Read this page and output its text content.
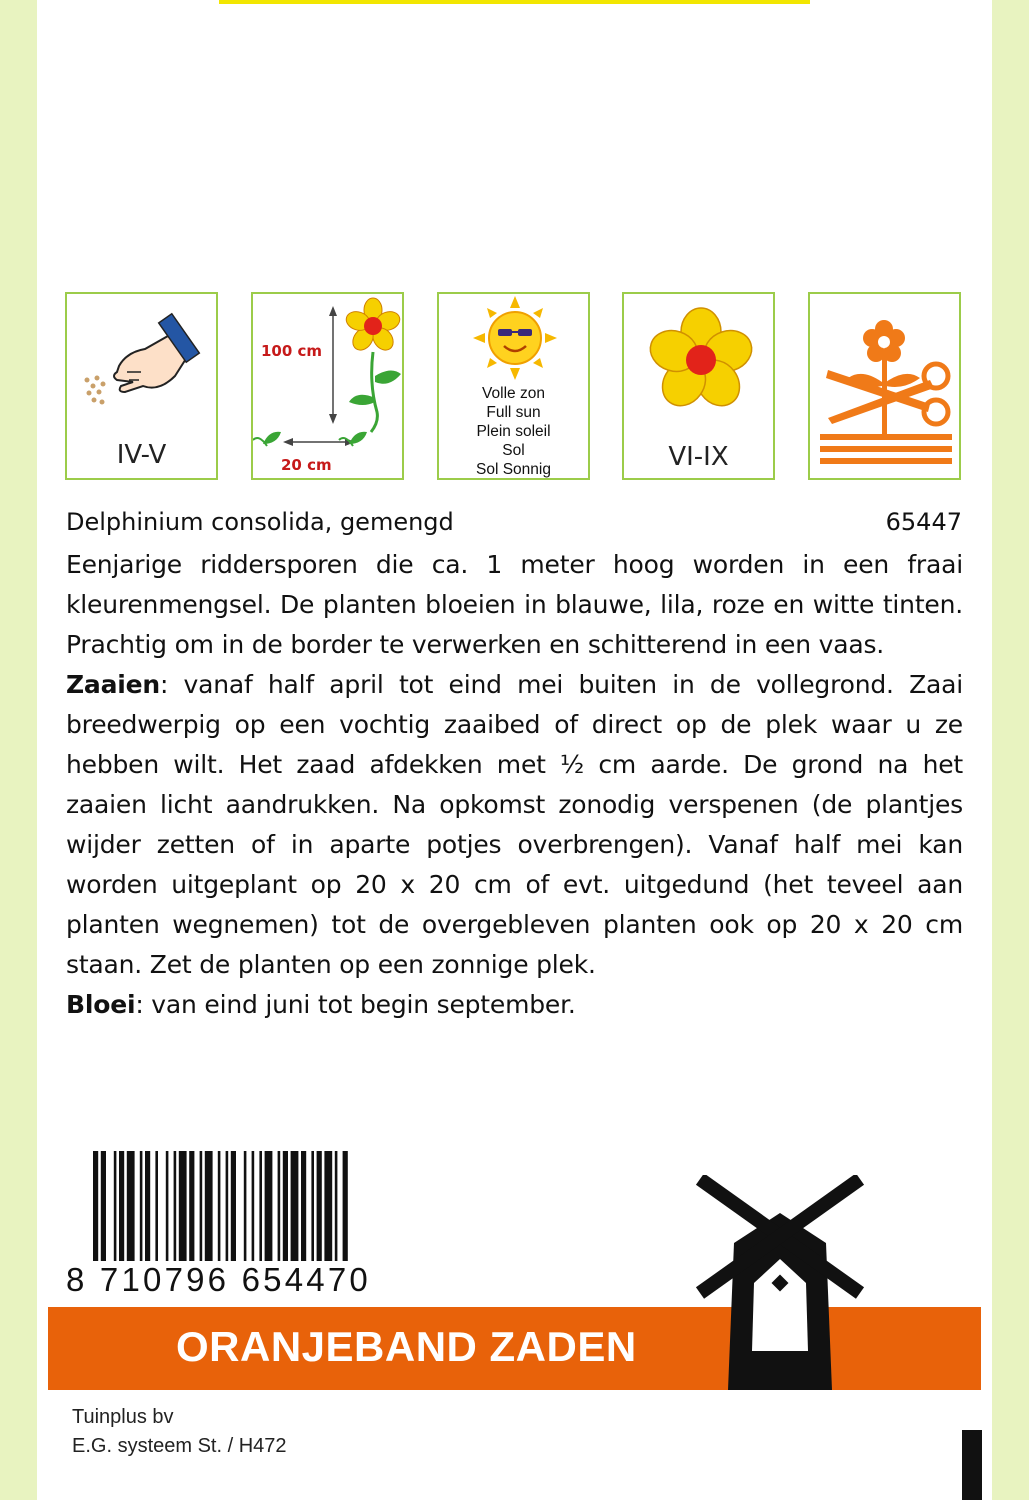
IV-V
100 cm
20 cm
Volle zon
Full sun
Plein soleil
Sol
Sol Sonnig	VI-IX
Delphinium consolida, gemengd	65447

Eenjarige riddersporen die ca. 1 meter hoog worden in een fraai kleurenmengsel. De planten bloeien in blauwe, lila, roze en witte tinten. Prachtig om in de border te verwerken en schitterend in een vaas.

Zaaien: vanaf half april tot eind mei buiten in de vollegrond. Zaai breedwerpig op een vochtig zaaibed of direct op de plek waar u ze hebben wilt. Het zaad afdekken met ½ cm aarde. De grond na het zaaien licht aandrukken. Na opkomst zonodig verspenen (de plantjes wijder zetten of in aparte potjes overbrengen). Vanaf half mei kan worden uitgeplant op 20 x 20 cm of evt. uitgedund (het teveel aan planten wegnemen) tot de overgebleven planten ook op 20 x 20 cm staan. Zet de planten op een zonnige plek.

Bloei: van eind juni tot begin september.

8 710796 654470
ORANJEBAND ZADEN
Tuinplus bv
E.G. systeem St. / H472
